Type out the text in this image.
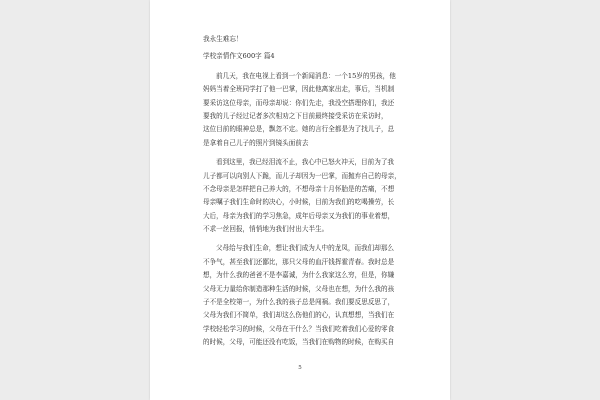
我永生难忘！
学校亲情作文600字 篇4
前几天，我在电视上看到一个新闻消息：一个15岁的男孩，他
妈妈当着全班同学打了他一巴掌，因此他离家出走，事后，当机制
要采访这位母亲，而母亲却说：你们先走，我没空搭理你们，我还
要我的儿子经过记者多次相劝之下目前最终接受采访在采访时，
这位目前的眼神总是，飘忽不定。她的言行全都是为了找儿子，总
是拿着自己儿子的照片到镜头面前去
看到这里，我已经泪流不止，我心中已怒火冲天，目前为了我
儿子都可以向别人下跪，而儿子却因为一巴掌，而抛弃自己的母亲，
不念母亲是怎样把自己养大的，不想母亲十月怀胎是的苦痛，不想
母亲嘱子我们生命时的决心，小时候，目前为我们的吃喝操劳，长
大后，母亲为我们的学习焦急，成年后母亲又为我们的事业着想，
不求一丝回报，悄悄地为我们付出大半生。
父母给与我们生命，想让我们成为人中的龙凤，而我们却那么
不争气，甚至我们还鄙比，那只父母的血汗钱挥霍青春。我时总是
想，为什么我的爸爸不是李嘉诚，为什么我家这么穷，但是，你嫌
父母无力量给你制造那种生活的时候，父母也在想，为什么我的孩
子不是全校第一，为什么我的孩子总是闯祸。我们要反思反思了，
父母为我们不简单，我们却这么伤他们的心，认真想想，当我们在
学校轻松学习的时候，父母在干什么？当我们吃着我们心爱的零食
的时候，父母，可能还没有吃饭，当我们在购物的时候，在购买自
5
